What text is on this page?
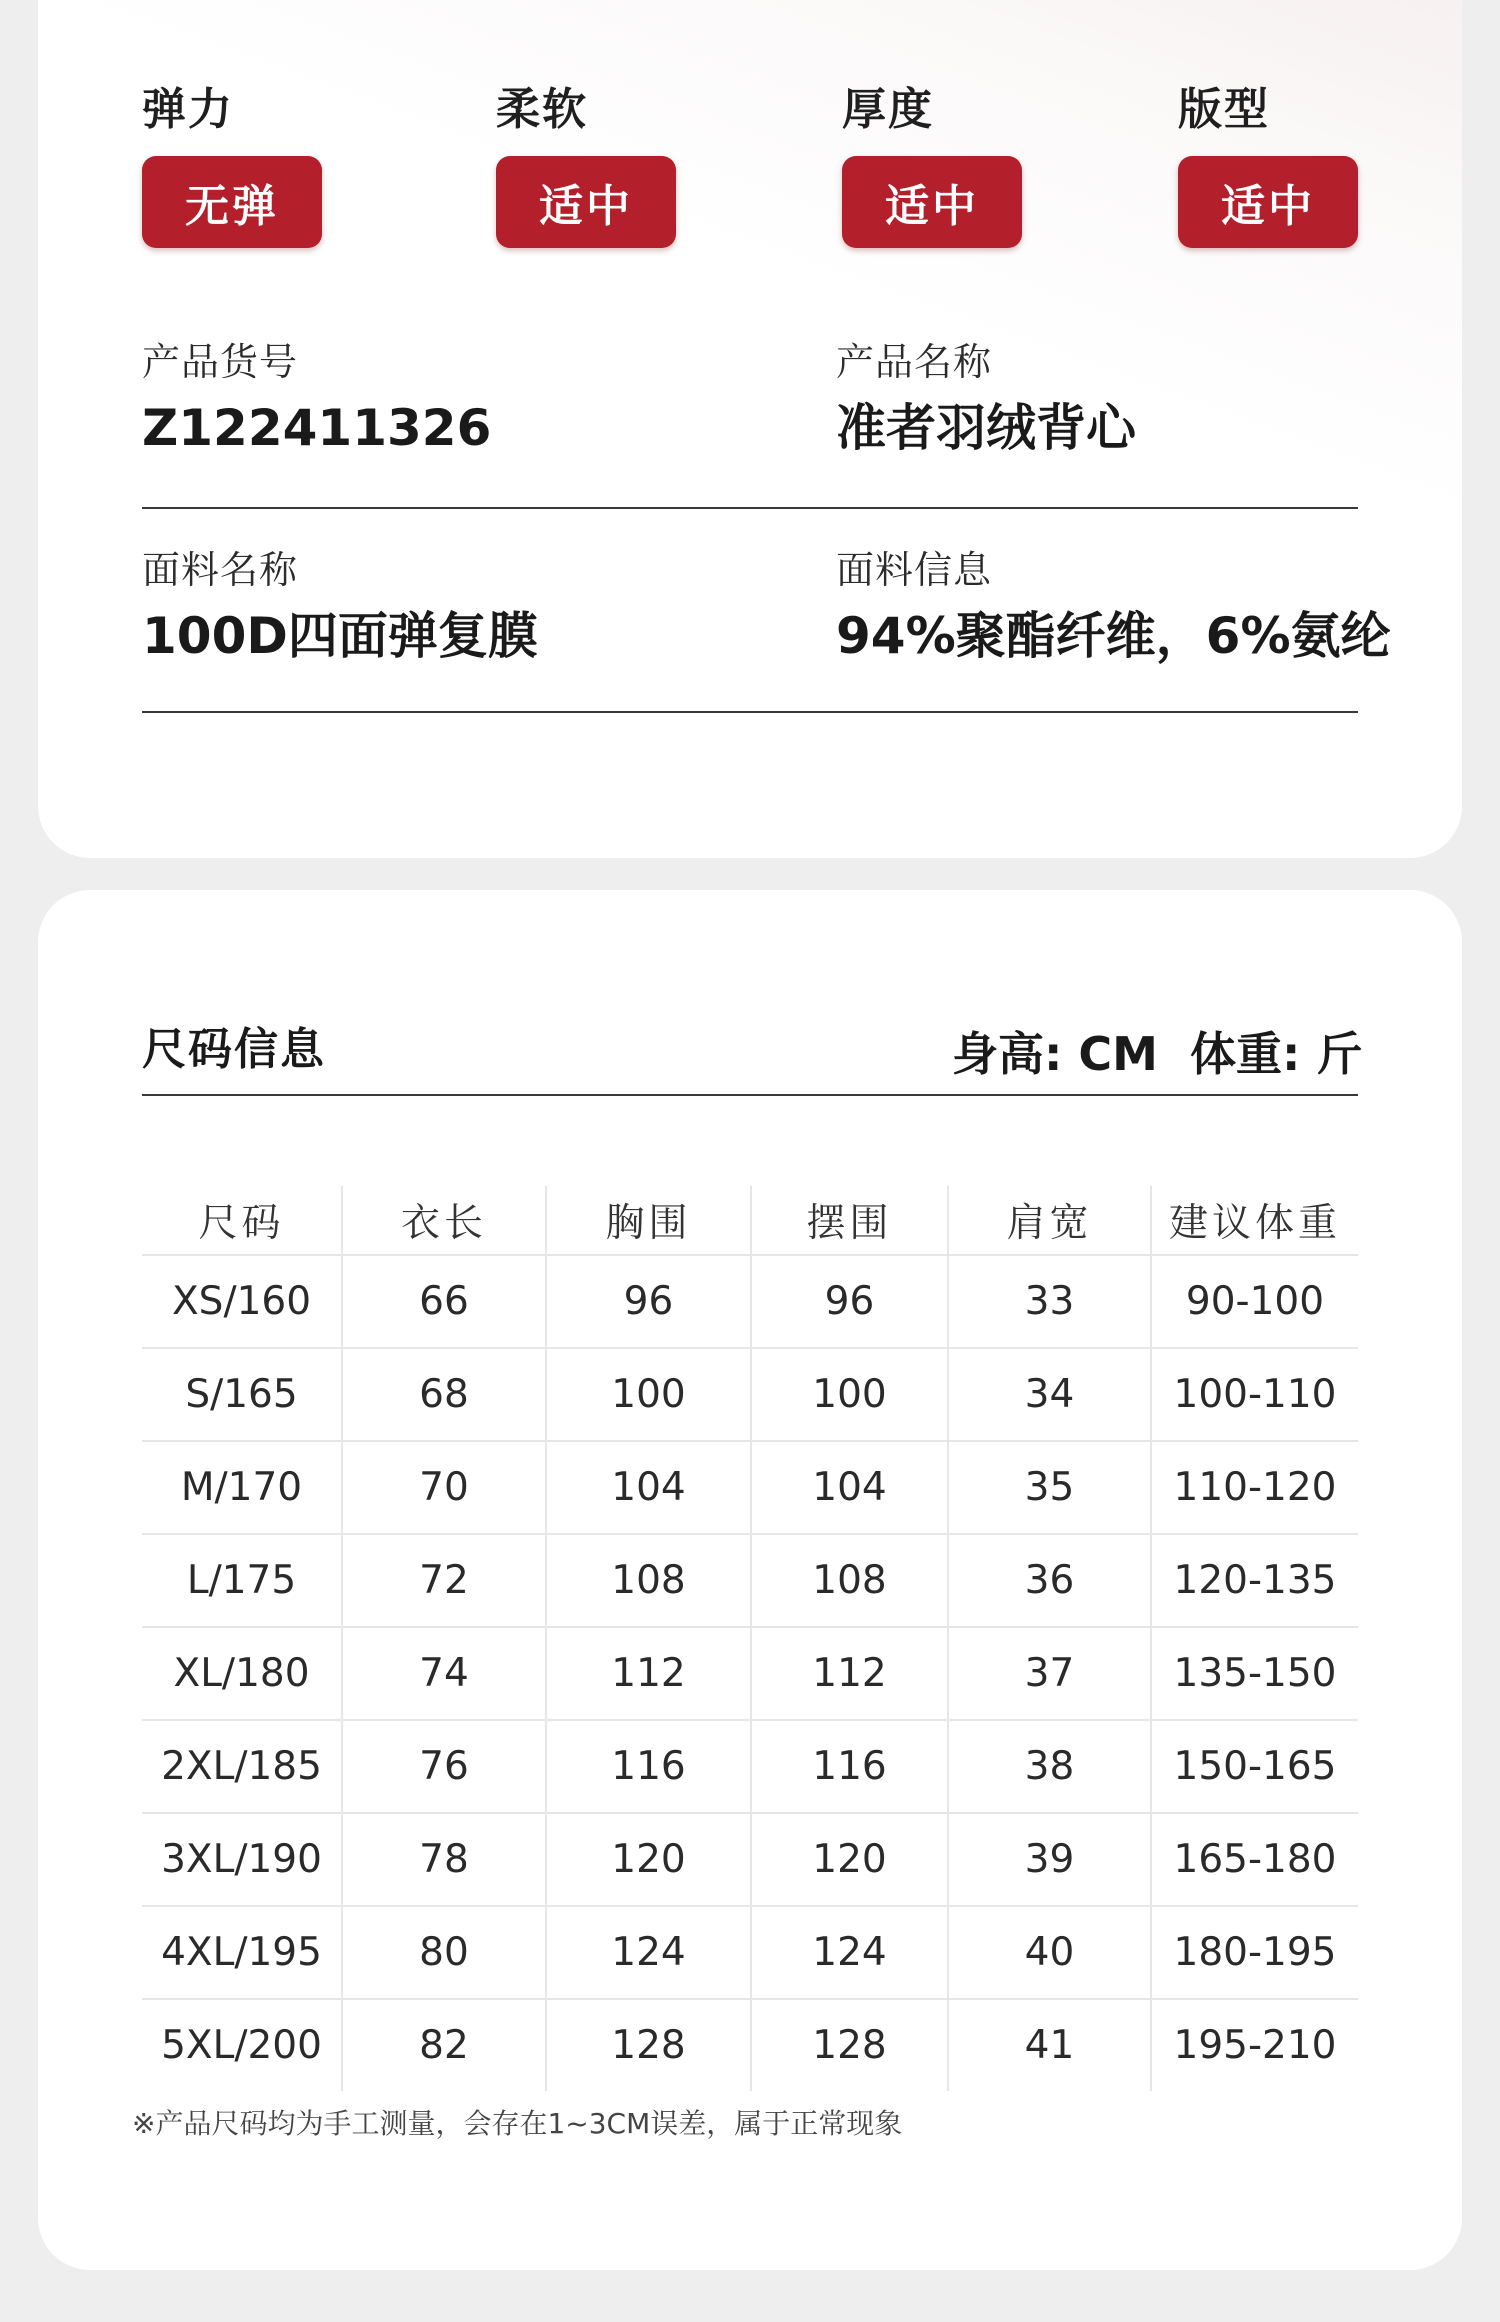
弹力
无弹
柔软
适中
厚度
适中
版型
适中
产品货号
Z122411326
产品名称
准者羽绒背心
面料名称
100D四面弹复膜
面料信息
94%聚酯纤维，6%氨纶
尺码信息	身高: CM 体重: 斤
尺码	衣长	胸围	摆围	肩宽	建议体重
XS/160	66	96	96	33	90-100
S/165	68	100	100	34	100-110
M/170	70	104	104	35	110-120
L/175	72	108	108	36	120-135
XL/180	74	112	112	37	135-150
2XL/185	76	116	116	38	150-165
3XL/190	78	120	120	39	165-180
4XL/195	80	124	124	40	180-195
5XL/200	82	128	128	41	195-210
※产品尺码均为手工测量，会存在1~3CM误差，属于正常现象
